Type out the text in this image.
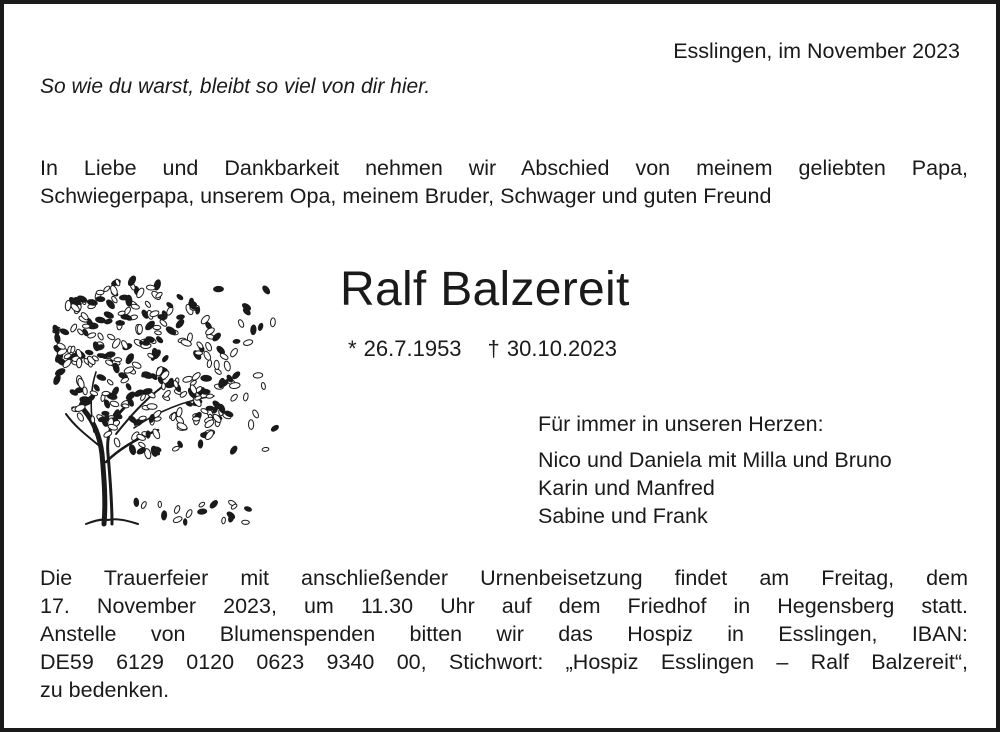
Esslingen, im November 2023
So wie du warst, bleibt so viel von dir hier.
In Liebe und Dankbarkeit nehmen wir Abschied von meinem geliebten Papa,
Schwiegerpapa, unserem Opa, meinem Bruder, Schwager und guten Freund
Ralf Balzereit
* 26.7.1953 † 30.10.2023
Für immer in unseren Herzen:
Nico und Daniela mit Milla und Bruno
Karin und Manfred
Sabine und Frank
Die Trauerfeier mit anschließender Urnenbeisetzung findet am Freitag, dem
17. November 2023, um 11.30 Uhr auf dem Friedhof in Hegensberg statt.
Anstelle von Blumenspenden bitten wir das Hospiz in Esslingen, IBAN:
DE59 6129 0120 0623 9340 00, Stichwort: „Hospiz Esslingen – Ralf Balzereit“,
zu bedenken.
